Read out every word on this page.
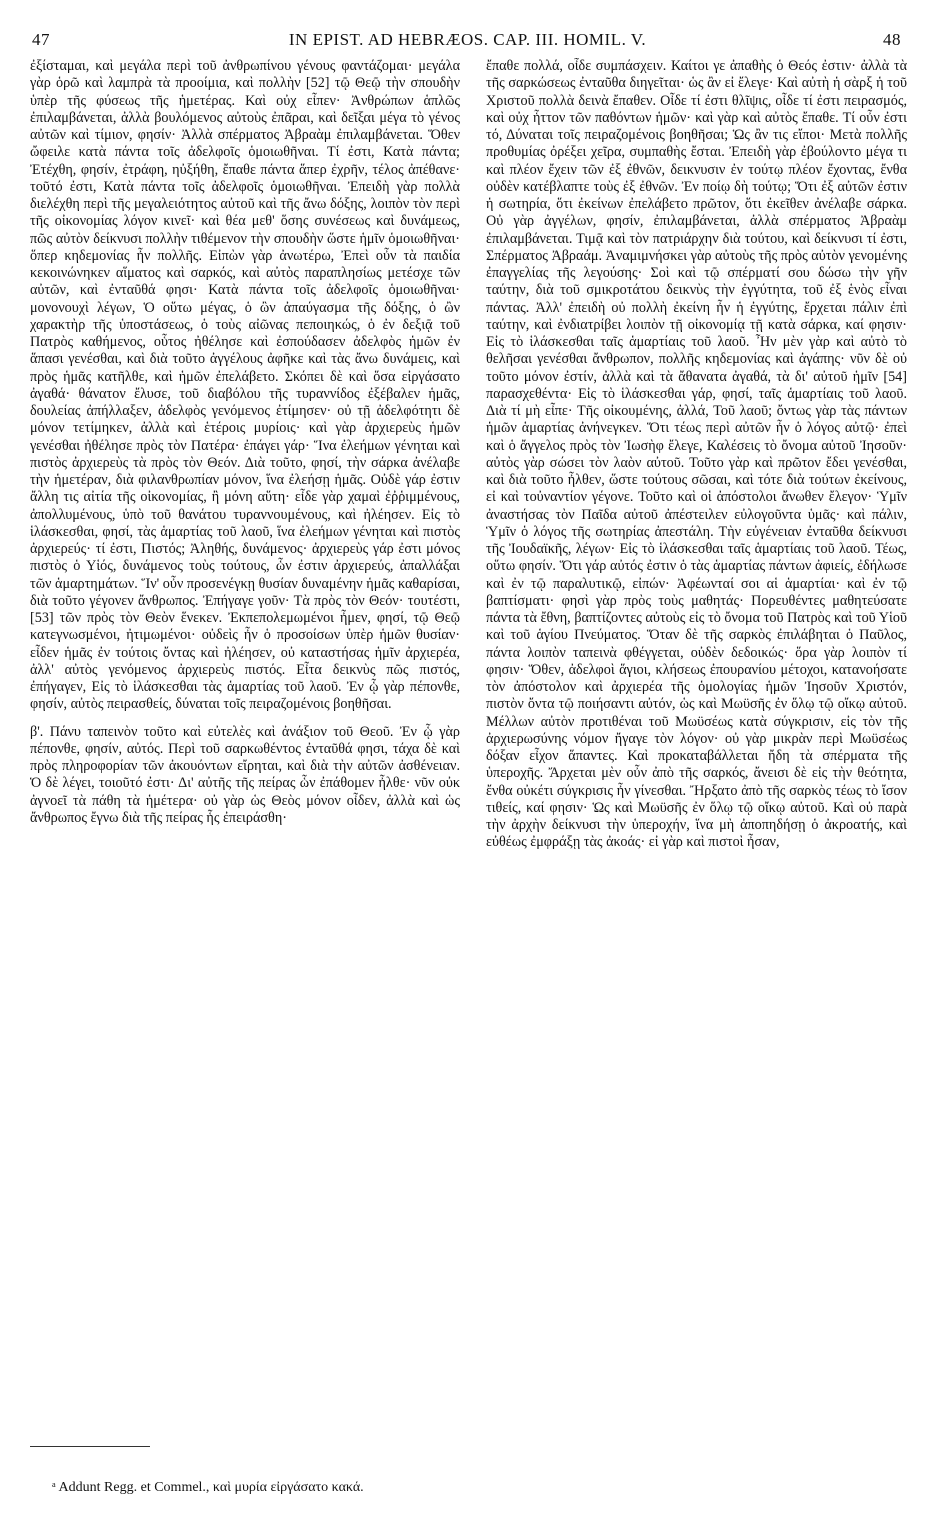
47	IN EPIST. AD HEBRÆOS. CAP. III. HOMIL. V.	48

ἐξίσταμαι, καὶ μεγάλα περὶ τοῦ ἀνθρωπίνου γένους φαντάζομαι· μεγάλα γὰρ ὁρῶ καὶ λαμπρὰ τὰ προοίμια, καὶ πολλὴν [52] τῷ Θεῷ τὴν σπουδὴν ὑπὲρ τῆς φύσεως τῆς ἡμετέρας. Καὶ οὐχ εἶπεν· Ἀνθρώπων ἁπλῶς ἐπιλαμβάνεται, ἀλλὰ βουλόμενος αὐτοὺς ἐπᾶραι, καὶ δεῖξαι μέγα τὸ γένος αὐτῶν καὶ τίμιον, φησίν· Ἀλλὰ σπέρματος Ἀβραὰμ ἐπιλαμβάνεται. Ὅθεν ὤφειλε κατὰ πάντα τοῖς ἀδελφοῖς ὁμοιωθῆναι. Τί ἐστι, Κατὰ πάντα; Ἐτέχθη, φησίν, ἐτράφη, ηὐξήθη, ἔπαθε πάντα ἅπερ ἐχρῆν, τέλος ἀπέθανε· τοῦτό ἐστι, Κατὰ πάντα τοῖς ἀδελφοῖς ὁμοιωθῆναι. Ἐπειδὴ γὰρ πολλὰ διελέχθη περὶ τῆς μεγαλειότητος αὐτοῦ καὶ τῆς ἄνω δόξης, λοιπὸν τὸν περὶ τῆς οἰκονομίας λόγον κινεῖ· καὶ θέα μεθ' ὅσης συνέσεως καὶ δυνάμεως, πῶς αὐτὸν δείκνυσι πολλὴν τιθέμενον τὴν σπουδὴν ὥστε ἡμῖν ὁμοιωθῆναι· ὅπερ κηδεμονίας ἦν πολλῆς. Εἰπὼν γὰρ ἀνωτέρω, Ἐπεὶ οὖν τὰ παιδία κεκοινώνηκεν αἵματος καὶ σαρκός, καὶ αὐτὸς παραπλησίως μετέσχε τῶν αὐτῶν, καὶ ἐνταῦθά φησι· Κατὰ πάντα τοῖς ἀδελφοῖς ὁμοιωθῆναι· μονονουχὶ λέγων, Ὁ οὕτω μέγας, ὁ ὢν ἀπαύγασμα τῆς δόξης, ὁ ὢν χαρακτὴρ τῆς ὑποστάσεως, ὁ τοὺς αἰῶνας πεποιηκώς, ὁ ἐν δεξιᾷ τοῦ Πατρὸς καθήμενος, οὗτος ἠθέλησε καὶ ἐσπούδασεν ἀδελφὸς ἡμῶν ἐν ἅπασι γενέσθαι, καὶ διὰ τοῦτο ἀγγέλους ἀφῆκε καὶ τὰς ἄνω δυνάμεις, καὶ πρὸς ἡμᾶς κατῆλθε, καὶ ἡμῶν ἐπελάβετο. Σκόπει δὲ καὶ ὅσα εἰργάσατο ἀγαθά· θάνατον ἔλυσε, τοῦ διαβόλου τῆς τυραννίδος ἐξέβαλεν ἡμᾶς, δουλείας ἀπήλλαξεν, ἀδελφὸς γενόμενος ἐτίμησεν· οὐ τῇ ἀδελφότητι δὲ μόνον τετίμηκεν, ἀλλὰ καὶ ἑτέροις μυρίοις· καὶ γὰρ ἀρχιερεὺς ἡμῶν γενέσθαι ἠθέλησε πρὸς τὸν Πατέρα· ἐπάγει γάρ· Ἵνα ἐλεήμων γένηται καὶ πιστὸς ἀρχιερεὺς τὰ πρὸς τὸν Θεόν. Διὰ τοῦτο, φησί, τὴν σάρκα ἀνέλαβε τὴν ἡμετέραν, διὰ φιλανθρωπίαν μόνον, ἵνα ἐλεήσῃ ἡμᾶς. Οὐδὲ γάρ ἐστιν ἄλλη τις αἰτία τῆς οἰκονομίας, ἢ μόνη αὕτη· εἶδε γὰρ χαμαὶ ἐῤῥιμμένους, ἀπολλυμένους, ὑπὸ τοῦ θανάτου τυραννουμένους, καὶ ἠλέησεν. Εἰς τὸ ἱλάσκεσθαι, φησί, τὰς ἁμαρτίας τοῦ λαοῦ, ἵνα ἐλεήμων γένηται καὶ πιστὸς ἀρχιερεύς· τί ἐστι, Πιστός; Ἀληθής, δυνάμενος· ἀρχιερεὺς γάρ ἐστι μόνος πιστὸς ὁ Υἱός, δυνάμενος τοὺς τούτους, ὧν ἐστιν ἀρχιερεύς, ἀπαλλάξαι τῶν ἁμαρτημάτων. Ἵν' οὖν προσενέγκῃ θυσίαν δυναμένην ἡμᾶς καθαρίσαι, διὰ τοῦτο γέγονεν ἄνθρωπος. Ἐπήγαγε γοῦν· Τὰ πρὸς τὸν Θεόν· τουτέστι, [53] τῶν πρὸς τὸν Θεὸν ἕνεκεν. Ἐκπεπολεμωμένοι ἦμεν, φησί, τῷ Θεῷ κατεγνωσμένοι, ἠτιμωμένοι· οὐδεὶς ἦν ὁ προσοίσων ὑπὲρ ἡμῶν θυσίαν· εἶδεν ἡμᾶς ἐν τούτοις ὄντας καὶ ἠλέησεν, οὐ καταστήσας ἡμῖν ἀρχιερέα, ἀλλ' αὐτὸς γενόμενος ἀρχιερεὺς πιστός. Εἶτα δεικνὺς πῶς πιστός, ἐπήγαγεν, Εἰς τὸ ἱλάσκεσθαι τὰς ἁμαρτίας τοῦ λαοῦ. Ἐν ᾧ γὰρ πέπονθε, φησίν, αὐτὸς πειρασθείς, δύναται τοῖς πειραζομένοις βοηθῆσαι.

β'. Πάνυ ταπεινὸν τοῦτο καὶ εὐτελὲς καὶ ἀνάξιον τοῦ Θεοῦ. Ἐν ᾧ γὰρ πέπονθε, φησίν, αὐτός. Περὶ τοῦ σαρκωθέντος ἐνταῦθά φησι, τάχα δὲ καὶ πρὸς πληροφορίαν τῶν ἀκουόντων εἴρηται, καὶ διὰ τὴν αὐτῶν ἀσθένειαν. Ὁ δὲ λέγει, τοιοῦτό ἐστι· Δι' αὐτῆς τῆς πείρας ὧν ἐπάθομεν ἦλθε· νῦν οὐκ ἀγνοεῖ τὰ πάθη τὰ ἡμέτερα· οὐ γὰρ ὡς Θεὸς μόνον οἶδεν, ἀλλὰ καὶ ὡς ἄνθρωπος ἔγνω διὰ τῆς πείρας ἧς ἐπειράσθη·

ἔπαθε πολλά, οἶδε συμπάσχειν. Καίτοι γε ἀπαθὴς ὁ Θεός ἐστιν· ἀλλὰ τὰ τῆς σαρκώσεως ἐνταῦθα διηγεῖται· ὡς ἂν εἰ ἔλεγε· Καὶ αὐτὴ ἡ σὰρξ ἡ τοῦ Χριστοῦ πολλὰ δεινὰ ἔπαθεν. Οἶδε τί ἐστι θλῖψις, οἶδε τί ἐστι πειρασμός, καὶ οὐχ ἧττον τῶν παθόντων ἡμῶν· καὶ γὰρ καὶ αὐτὸς ἔπαθε. Τί οὖν ἐστι τό, Δύναται τοῖς πειραζομένοις βοηθῆσαι; Ὡς ἂν τις εἴποι· Μετὰ πολλῆς προθυμίας ὀρέξει χεῖρα, συμπαθὴς ἔσται. Ἐπειδὴ γὰρ ἐβούλοντο μέγα τι καὶ πλέον ἔχειν τῶν ἐξ ἐθνῶν, δεικνυσιν ἐν τούτῳ πλέον ἔχοντας, ἔνθα οὐδὲν κατέβλαπτε τοὺς ἐξ ἐθνῶν. Ἐν ποίῳ δὴ τούτῳ; Ὅτι ἐξ αὐτῶν ἐστιν ἡ σωτηρία, ὅτι ἐκείνων ἐπελάβετο πρῶτον, ὅτι ἐκεῖθεν ἀνέλαβε σάρκα. Οὐ γὰρ ἀγγέλων, φησίν, ἐπιλαμβάνεται, ἀλλὰ σπέρματος Ἀβραὰμ ἐπιλαμβάνεται. Τιμᾷ καὶ τὸν πατριάρχην διὰ τούτου, καὶ δείκνυσι τί ἐστι, Σπέρματος Ἀβραάμ. Ἀναμιμνήσκει γὰρ αὐτοὺς τῆς πρὸς αὐτὸν γενομένης ἐπαγγελίας τῆς λεγούσης· Σοὶ καὶ τῷ σπέρματί σου δώσω τὴν γῆν ταύτην, διὰ τοῦ σμικροτάτου δεικνὺς τὴν ἐγγύτητα, τοῦ ἐξ ἑνὸς εἶναι πάντας. Ἀλλ' ἐπειδὴ οὐ πολλὴ ἐκείνη ἦν ἡ ἐγγύτης, ἔρχεται πάλιν ἐπὶ ταύτην, καὶ ἐνδιατρίβει λοιπὸν τῇ οἰκονομίᾳ τῇ κατὰ σάρκα, καί φησιν· Εἰς τὸ ἱλάσκεσθαι ταῖς ἁμαρτίαις τοῦ λαοῦ. Ἦν μὲν γὰρ καὶ αὐτὸ τὸ θελῆσαι γενέσθαι ἄνθρωπον, πολλῆς κηδεμονίας καὶ ἀγάπης· νῦν δὲ οὐ τοῦτο μόνον ἐστίν, ἀλλὰ καὶ τὰ ἄθανατα ἀγαθά, τὰ δι' αὐτοῦ ἡμῖν [54] παρασχεθέντα· Εἰς τὸ ἱλάσκεσθαι γάρ, φησί, ταῖς ἁμαρτίαις τοῦ λαοῦ. Διὰ τί μὴ εἶπε· Τῆς οἰκουμένης, ἀλλά, Τοῦ λαοῦ; ὄντως γὰρ τὰς πάντων ἡμῶν ἁμαρτίας ἀνήνεγκεν. Ὅτι τέως περὶ αὐτῶν ἦν ὁ λόγος αὐτῷ· ἐπεὶ καὶ ὁ ἄγγελος πρὸς τὸν Ἰωσὴφ ἔλεγε, Καλέσεις τὸ ὄνομα αὐτοῦ Ἰησοῦν· αὐτὸς γὰρ σώσει τὸν λαὸν αὐτοῦ. Τοῦτο γὰρ καὶ πρῶτον ἔδει γενέσθαι, καὶ διὰ τοῦτο ἦλθεν, ὥστε τούτους σῶσαι, καὶ τότε διὰ τούτων ἐκείνους, εἰ καὶ τοὐναντίον γέγονε. Τοῦτο καὶ οἱ ἀπόστολοι ἄνωθεν ἔλεγον· Ὑμῖν ἀναστήσας τὸν Παῖδα αὐτοῦ ἀπέστειλεν εὐλογοῦντα ὑμᾶς· καὶ πάλιν, Ὑμῖν ὁ λόγος τῆς σωτηρίας ἀπεστάλη. Τὴν εὐγένειαν ἐνταῦθα δείκνυσι τῆς Ἰουδαϊκῆς, λέγων· Εἰς τὸ ἱλάσκεσθαι ταῖς ἁμαρτίαις τοῦ λαοῦ. Τέως, οὕτω φησίν. Ὅτι γάρ αὐτός ἐστιν ὁ τὰς ἁμαρτίας πάντων ἀφιείς, ἐδήλωσε καὶ ἐν τῷ παραλυτικῷ, εἰπών· Ἀφέωνταί σοι αἱ ἁμαρτίαι· καὶ ἐν τῷ βαπτίσματι· φησὶ γὰρ πρὸς τοὺς μαθητάς· Πορευθέντες μαθητεύσατε πάντα τὰ ἔθνη, βαπτίζοντες αὐτοὺς εἰς τὸ ὄνομα τοῦ Πατρὸς καὶ τοῦ Υἱοῦ καὶ τοῦ ἁγίου Πνεύματος. Ὅταν δὲ τῆς σαρκὸς ἐπιλάβηται ὁ Παῦλος, πάντα λοιπὸν ταπεινὰ φθέγγεται, οὐδὲν δεδοικώς· ὅρα γὰρ λοιπὸν τί φησιν· Ὅθεν, ἀδελφοὶ ἅγιοι, κλήσεως ἐπουρανίου μέτοχοι, κατανοήσατε τὸν ἀπόστολον καὶ ἀρχιερέα τῆς ὁμολογίας ἡμῶν Ἰησοῦν Χριστόν, πιστὸν ὄντα τῷ ποιήσαντι αὐτόν, ὡς καὶ Μωϋσῆς ἐν ὅλῳ τῷ οἴκῳ αὐτοῦ. Μέλλων αὐτὸν προτιθέναι τοῦ Μωϋσέως κατὰ σύγκρισιν, εἰς τὸν τῆς ἀρχιερωσύνης νόμον ἤγαγε τὸν λόγον· οὐ γὰρ μικρὰν περὶ Μωϋσέως δόξαν εἶχον ἅπαντες. Καὶ προκαταβάλλεται ἤδη τὰ σπέρματα τῆς ὑπεροχῆς. Ἄρχεται μὲν οὖν ἀπὸ τῆς σαρκός, ἄνεισι δὲ εἰς τὴν θεότητα, ἔνθα οὐκέτι σύγκρισις ἦν γίνεσθαι. Ἤρξατο ἀπὸ τῆς σαρκὸς τέως τὸ ἴσον τιθείς, καί φησιν· Ὡς καὶ Μωϋσῆς ἐν ὅλῳ τῷ οἴκῳ αὐτοῦ. Καὶ οὐ παρὰ τὴν ἀρχὴν δείκνυσι τὴν ὑπεροχήν, ἵνα μὴ ἀποπηδήσῃ ὁ ἀκροατής, καὶ εὐθέως ἐμφράξῃ τὰς ἀκοάς· εἰ γὰρ καὶ πιστοὶ ἦσαν,

ᵃ Addunt Regg. et Commel., καὶ μυρία εἰργάσατο κακά.
